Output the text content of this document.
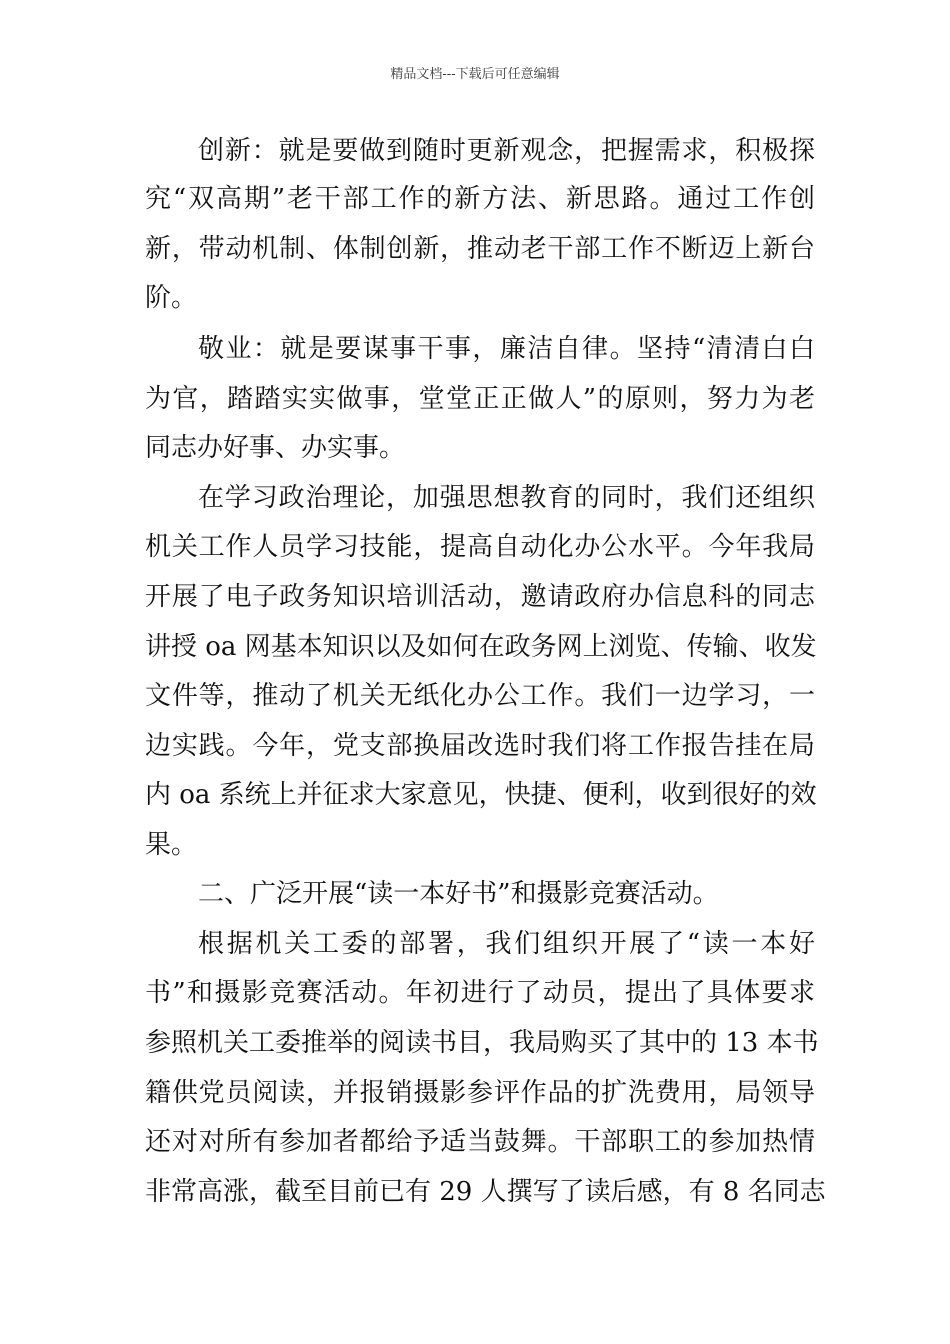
精品文档---下载后可任意编辑
创新：就是要做到随时更新观念，把握需求，积极探
究“双高期”老干部工作的新方法、新思路。通过工作创
新，带动机制、体制创新，推动老干部工作不断迈上新台
阶。
敬业：就是要谋事干事，廉洁自律。坚持“清清白白
为官，踏踏实实做事，堂堂正正做人”的原则，努力为老
同志办好事、办实事。
在学习政治理论，加强思想教育的同时，我们还组织
机关工作人员学习技能，提高自动化办公水平。今年我局
开展了电子政务知识培训活动，邀请政府办信息科的同志
讲授 oa 网基本知识以及如何在政务网上浏览、传输、收发
文件等，推动了机关无纸化办公工作。我们一边学习，一
边实践。今年，党支部换届改选时我们将工作报告挂在局
内 oa 系统上并征求大家意见，快捷、便利，收到很好的效
果。
二、广泛开展“读一本好书”和摄影竞赛活动。
根据机关工委的部署，我们组织开展了“读一本好
书”和摄影竞赛活动。年初进行了动员，提出了具体要求
参照机关工委推举的阅读书目，我局购买了其中的 13 本书
籍供党员阅读，并报销摄影参评作品的扩洗费用，局领导
还对对所有参加者都给予适当鼓舞。干部职工的参加热情
非常高涨，截至目前已有 29 人撰写了读后感，有 8 名同志
